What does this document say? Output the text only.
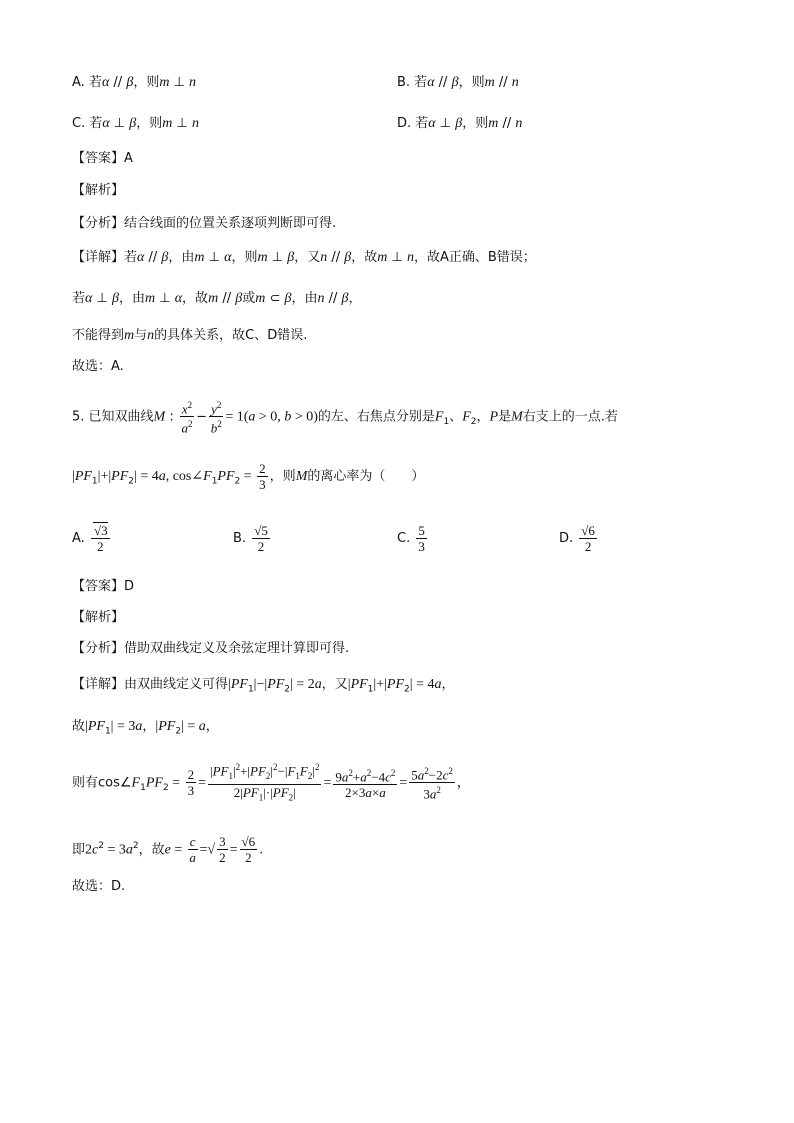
A. 若α // β，则m ⊥ n	B. 若α // β，则m // n
C. 若α ⊥ β，则m ⊥ n	D. 若α ⊥ β，则m // n
【答案】A
【解析】
【分析】结合线面的位置关系逐项判断即可得.
【详解】若α // β，由m ⊥ α，则m ⊥ β，又n // β，故m ⊥ n，故A正确、B错误；
若α ⊥ β，由m ⊥ α，故m // β或m ⊂ β，由n // β，
不能得到m与n的具体关系，故C、D错误.
故选：A.
5. 已知双曲线M : $\frac{x^2}{a^2} - \frac{y^2}{b^2} = 1(a > 0$, b > 0)的左、右焦点分别是$F_1$、$F_2$，P是M右支上的一点.若
$|PF_1|+|PF_2| = 4a$, $\cos\angle F_1PF_2 = \frac{2}{3}$ ，则M的离心率为（　　）
A. $\frac{√3}{2}$	B. $\frac{√5}{2}$	C. $\frac{5}{3}$	D. $\frac{√6}{2}$
【答案】D
【解析】
【分析】借助双曲线定义及余弦定理计算即可得.
【详解】由双曲线定义可得$|PF_1|-|PF_2| = 2a$，又$|PF_1|+|PF_2| = 4a$，
故$|PF_1| = 3a$，$|PF_2| = a$，
则有$\cos\angle F_1PF_2 = \frac{2}{3} = \frac{|PF_1|^2+|PF_2|^2-|F_1F_2|^2}{2|PF_1|\cdot|PF_2|} = \frac{9a^2+a^2-4c^2}{2\times 3a\times a} = \frac{5a^2-2c^2}{3a^2}$ ，
即$2c^2 = 3a^2$，故$e = \frac{c}{a}$ =√ $\frac{3}{2} = \frac{√6}{2}$ .
故选：D.
